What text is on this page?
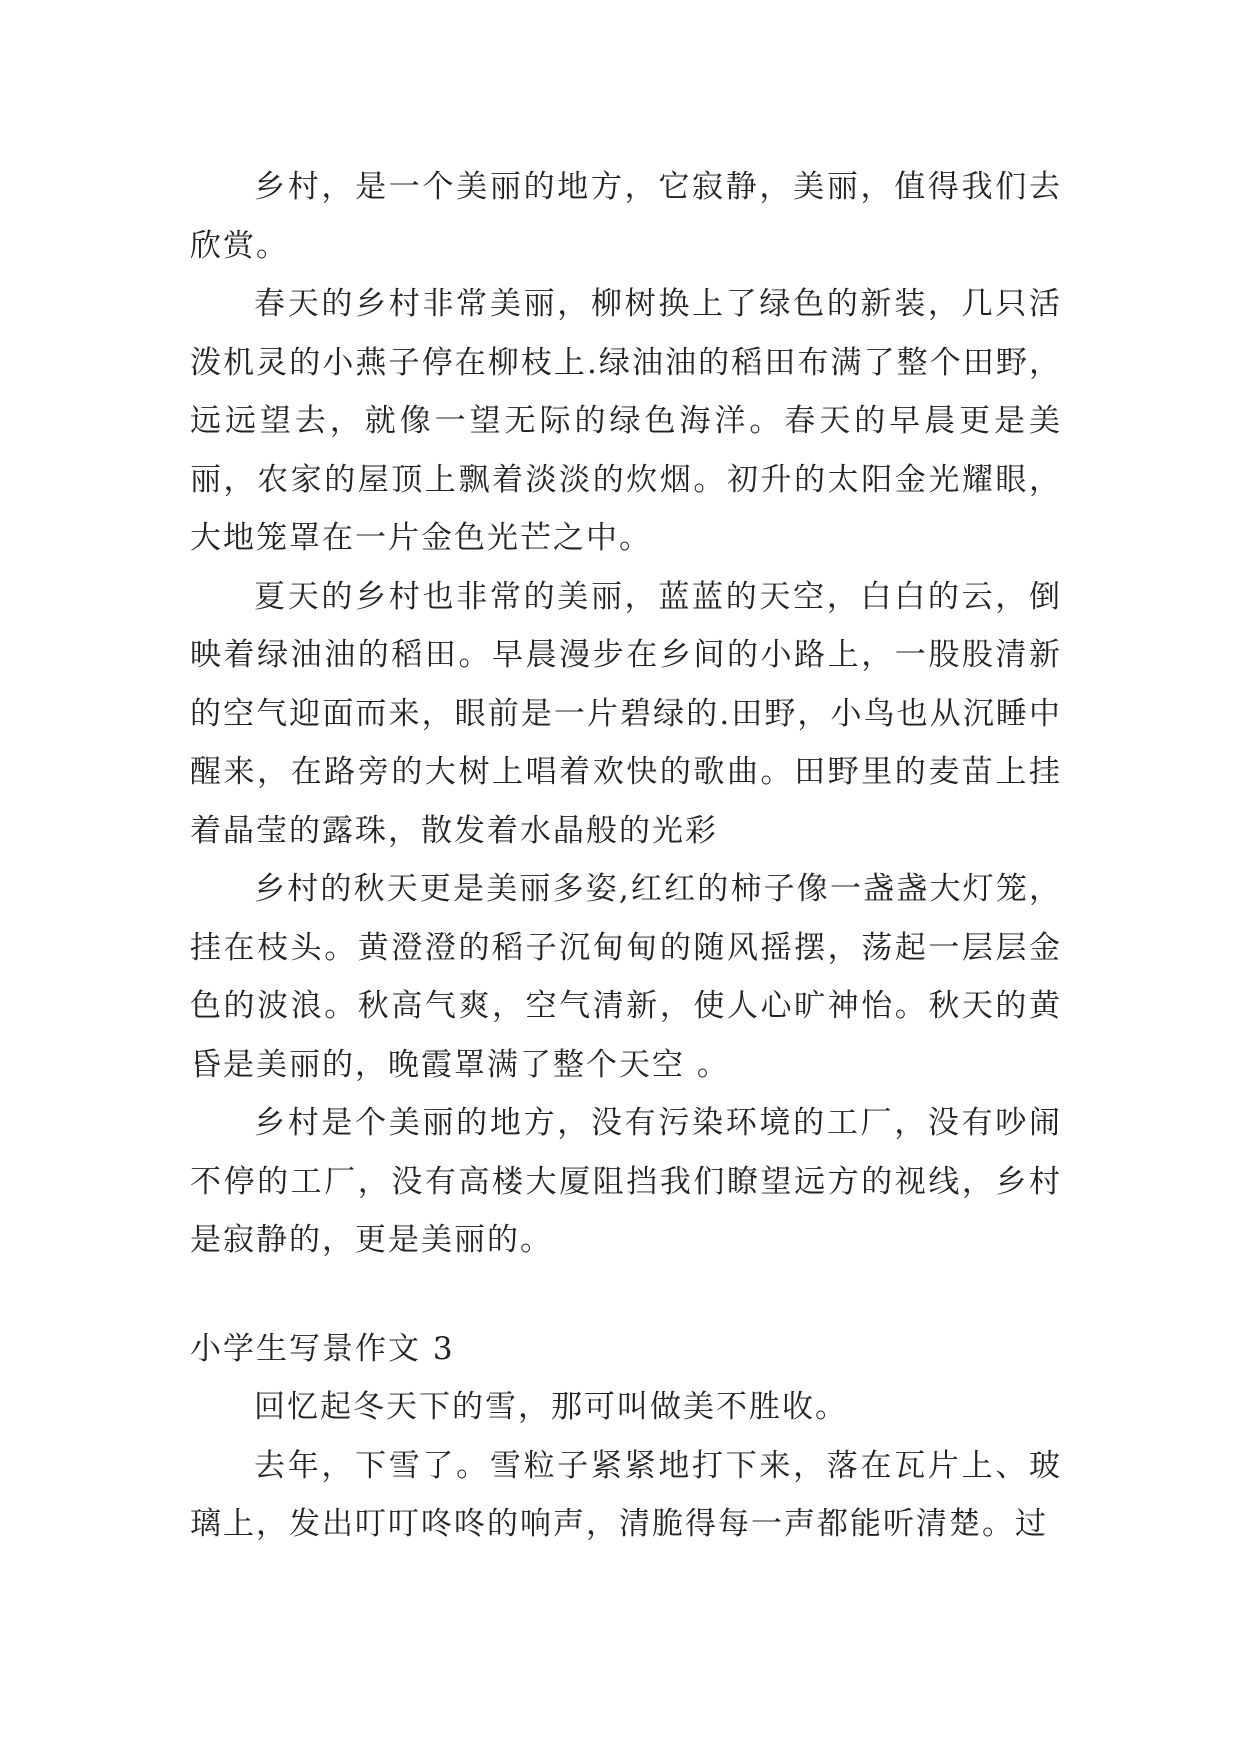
乡村，是一个美丽的地方，它寂静，美丽，值得我们去欣赏。

春天的乡村非常美丽，柳树换上了绿色的新装，几只活泼机灵的小燕子停在柳枝上.绿油油的稻田布满了整个田野，远远望去，就像一望无际的绿色海洋。春天的早晨更是美丽，农家的屋顶上飘着淡淡的炊烟。初升的太阳金光耀眼，大地笼罩在一片金色光芒之中。

夏天的乡村也非常的美丽，蓝蓝的天空，白白的云，倒映着绿油油的稻田。早晨漫步在乡间的小路上，一股股清新的空气迎面而来，眼前是一片碧绿的.田野，小鸟也从沉睡中醒来，在路旁的大树上唱着欢快的歌曲。田野里的麦苗上挂着晶莹的露珠，散发着水晶般的光彩

乡村的秋天更是美丽多姿,红红的柿子像一盏盏大灯笼，挂在枝头。黄澄澄的稻子沉甸甸的随风摇摆，荡起一层层金色的波浪。秋高气爽，空气清新，使人心旷神怡。秋天的黄昏是美丽的，晚霞罩满了整个天空 。

乡村是个美丽的地方，没有污染环境的工厂，没有吵闹不停的工厂，没有高楼大厦阻挡我们瞭望远方的视线，乡村是寂静的，更是美丽的。

小学生写景作文 3

回忆起冬天下的雪，那可叫做美不胜收。

去年，下雪了。雪粒子紧紧地打下来，落在瓦片上、玻璃上，发出叮叮咚咚的响声，清脆得每一声都能听清楚。过
